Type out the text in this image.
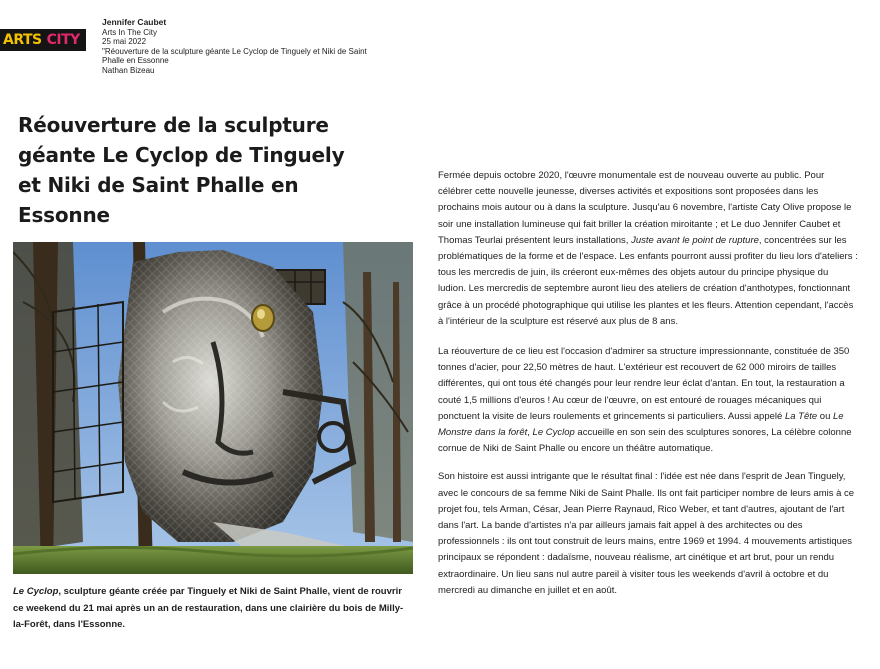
ARTS CITY
Jennifer Caubet
Arts In The City
25 mai 2022
"Réouverture de la sculpture géante Le Cyclop de Tinguely et Niki de Saint Phalle en Essonne
Nathan Bizeau
Réouverture de la sculpture géante Le Cyclop de Tinguely et Niki de Saint Phalle en Essonne
Le Cyclop, sculpture géante créée par Tinguely et Niki de Saint Phalle, vient de rouvrir ce weekend du 21 mai après un an de restauration, dans une clairière du bois de Milly-la-Forêt, dans l'Essonne.

Fermée depuis octobre 2020, l'œuvre monumentale est de nouveau ouverte au public. Pour célébrer cette nouvelle jeunesse, diverses activités et expositions sont proposées dans les prochains mois autour ou à dans la sculpture. Jusqu'au 6 novembre, l'artiste Caty Olive propose le soir une installation lumineuse qui fait briller la création miroitante ; et Le duo Jennifer Caubet et Thomas Teurlai présentent leurs installations, Juste avant le point de rupture, concentrées sur les problématiques de la forme et de l'espace. Les enfants pourront aussi profiter du lieu lors d'ateliers : tous les mercredis de juin, ils créeront eux-mêmes des objets autour du principe physique du ludion. Les mercredis de septembre auront lieu des ateliers de création d'anthotypes, fonctionnant grâce à un procédé photographique qui utilise les plantes et les fleurs. Attention cependant, l'accès à l'intérieur de la sculpture est réservé aux plus de 8 ans.

La réouverture de ce lieu est l'occasion d'admirer sa structure impressionnante, constituée de 350 tonnes d'acier, pour 22,50 mètres de haut. L'extérieur est recouvert de 62 000 miroirs de tailles différentes, qui ont tous été changés pour leur rendre leur éclat d'antan. En tout, la restauration a couté 1,5 millions d'euros ! Au cœur de l'œuvre, on est entouré de rouages mécaniques qui ponctuent la visite de leurs roulements et grincements si particuliers. Aussi appelé La Tête ou Le Monstre dans la forêt, Le Cyclop accueille en son sein des sculptures sonores, La célèbre colonne cornue de Niki de Saint Phalle ou encore un théâtre automatique.

Son histoire est aussi intrigante que le résultat final : l'idée est née dans l'esprit de Jean Tinguely, avec le concours de sa femme Niki de Saint Phalle. Ils ont fait participer nombre de leurs amis à ce projet fou, tels Arman, César, Jean Pierre Raynaud, Rico Weber, et tant d'autres, ajoutant de l'art dans l'art. La bande d'artistes n'a par ailleurs jamais fait appel à des architectes ou des professionnels : ils ont tout construit de leurs mains, entre 1969 et 1994. 4 mouvements artistiques principaux se répondent : dadaïsme, nouveau réalisme, art cinétique et art brut, pour un rendu extraordinaire. Un lieu sans nul autre pareil à visiter tous les weekends d'avril à octobre et du mercredi au dimanche en juillet et en août.
